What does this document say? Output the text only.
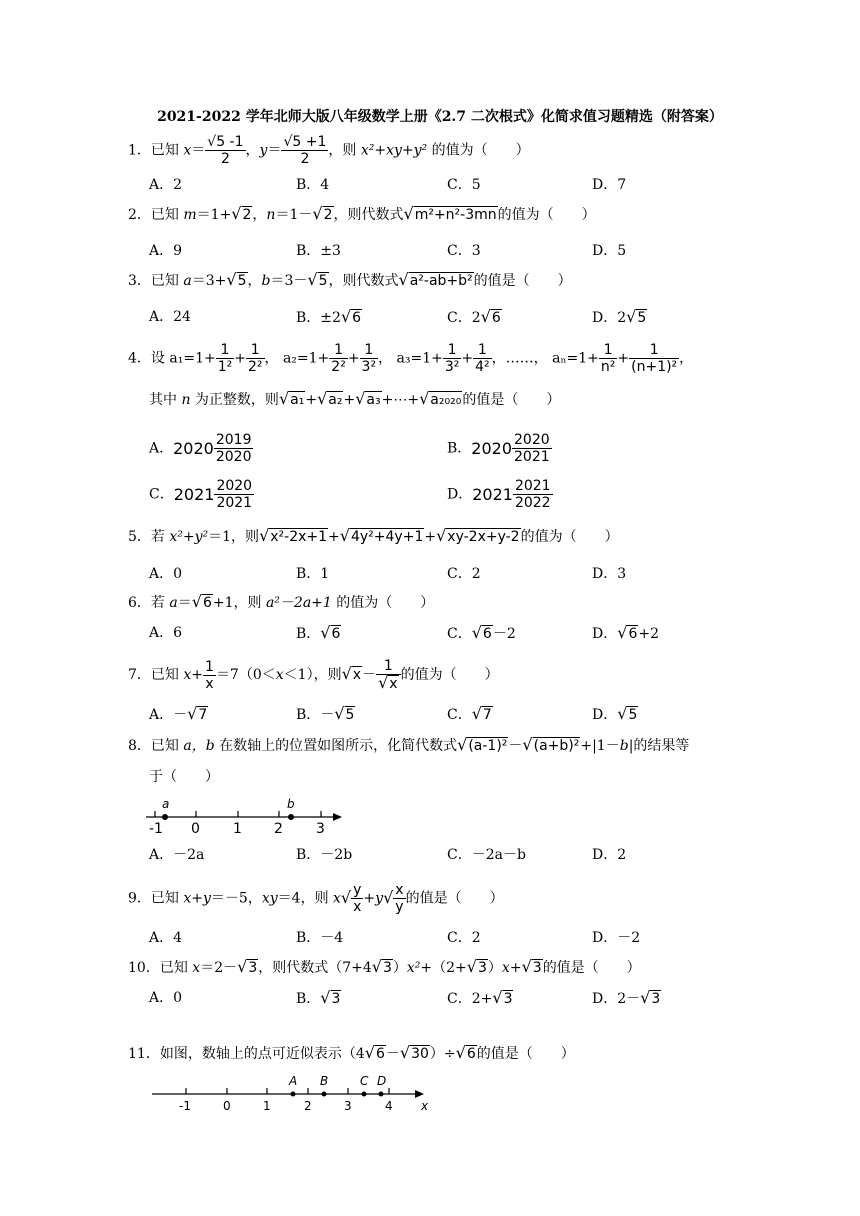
2021-2022 学年北师大版八年级数学上册《2.7 二次根式》化简求值习题精选（附答案）
1．已知 $x= \frac{√5 -1}{2}$ ，$y= \frac{√5 +1}{2}$ ，则 x²+xy+y² 的值为（　　）
A．2	B．4	C．5	D．7
2．已知 m＝1+√2，n＝1－√2，则代数式√m²+n²-3mn的值为（　　）
A．9	B．±3	C．3	D．5
3．已知 a＝3+√5，b＝3－√5，则代数式√a²-ab+b²的值是（　　）
A．24	B．±2√6	C．2√6	D．2√5
4．设 $a_1=1+ \frac{1}{\text{1²}} + \frac{1}{\text{2²}}$ ， $a_2=1+ \frac{1}{\text{2²}} + \frac{1}{\text{3²}}$ ， $a_3=1+ \frac{1}{\text{3²}} + \frac{1}{\text{4²}}$ ，……， $a_n=1+ \frac{1}{\text{n²}} + \frac{1}{\text{(n+1)²}}$ ，
其中 n 为正整数，则√a₁+√a₂+√a₃+⋯+√a₂₀₂₀的值是（　　）
A．$2020 \frac{2019}{2020}$	B．$2020 \frac{2020}{2021}$
C．$2021 \frac{2020}{2021}$	D．$2021 \frac{2021}{2022}$
5．若 x²+y²＝1，则√x²-2x+1+√4y²+4y+1+√xy-2x+y-2的值为（　　）
A．0	B．1	C．2	D．3
6．若 a＝√6+1，则 a²－2a+1 的值为（　　）
A．6	B．√6	C．√6－2	D．√6+2
7．已知 $x+ \frac{1}{x} =7(0<x<1)$，则$√x- \frac{1}{√x}$ 的值为（　　）
A．－√7	B．－√5	C．√7	D．√5
8．已知 a，b 在数轴上的位置如图所示，化简代数式√(a-1)²－√(a+b)²+|1－b|的结果等
于（　　）
a	b
-1 0 1 2 3
A．－2a	B．－2b	C．－2a－b	D．2
9．已知 x+y＝－5，xy＝4，则 $x√ \frac{y}{x} +y√ \frac{x}{y}$ 的值是（　　）
A．4	B．－4	C．2	D．－2
10．已知 x＝2－√3，则代数式（7+4√3）x²+（2+√3）x+√3的值是（　　）
A．0	B．√3	C．2+√3	D．2－√3
11．如图，数轴上的点可近似表示（4√6－√30）÷√6的值是（　　）
A B	C D
-1	0	1	2	3	4 x
